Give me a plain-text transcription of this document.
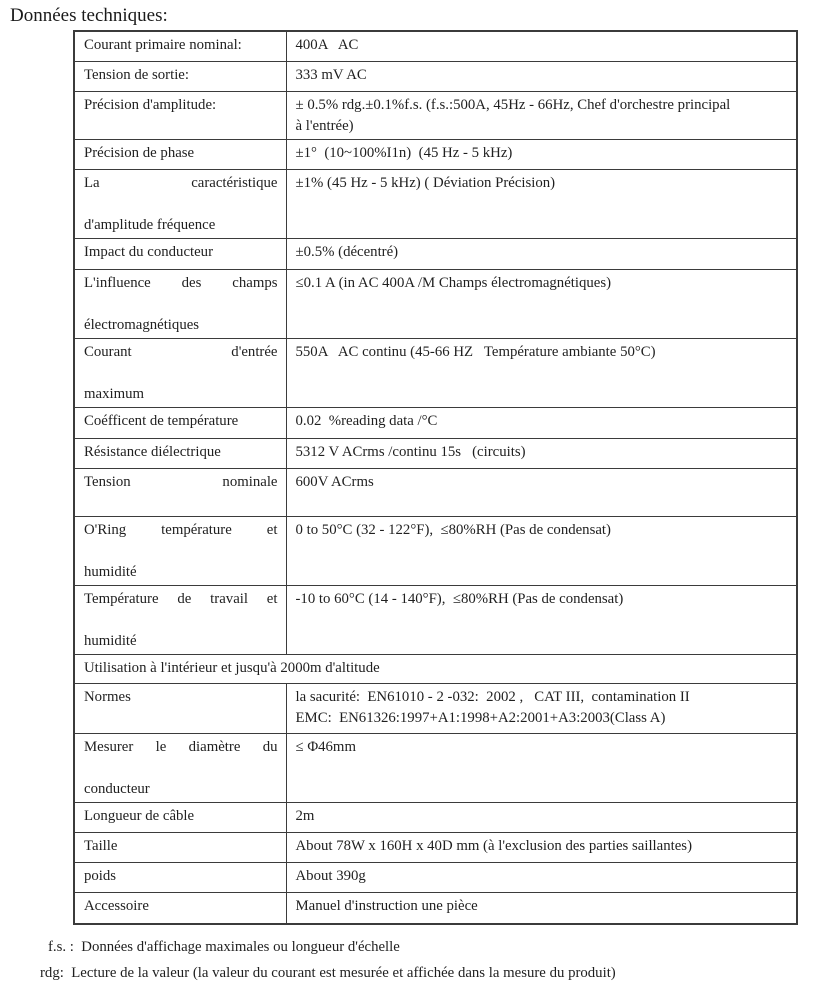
Données techniques:
Courant primaire nominal:	400A   AC

Tension de sortie:	333 mV AC

Précision d'amplitude:	± 0.5% rdg.±0.1%f.s. (f.s.:500A, 45Hz - 66Hz, Chef d'orchestre principal
à l'entrée)

Précision de phase	±1°  (10~100%I1n)  (45 Hz - 5 kHz)

La caractéristique
d'amplitude fréquence	±1% (45 Hz - 5 kHz) ( Déviation Précision)

Impact du conducteur	±0.5% (décentré)

L'influence des champs
électromagnétiques	≤0.1 A (in AC 400A /M Champs électromagnétiques)

Courant d'entrée
maximum	550A   AC continu (45-66 HZ   Température ambiante 50°C)

Coéfficent de température	0.02  %reading data /°C

Résistance diélectrique	5312 V ACrms /continu 15s   (circuits)

Tension nominale	600V ACrms

O'Ring température et
humidité	0 to 50°C (32 - 122°F),  ≤80%RH (Pas de condensat)

Température de travail et
humidité	-10 to 60°C (14 - 140°F),  ≤80%RH (Pas de condensat)

Utilisation à l'intérieur et jusqu'à 2000m d'altitude	

Normes	la sacurité:  EN61010 - 2 -032:  2002 ,   CAT III,  contamination II
EMC:  EN61326:1997+A1:1998+A2:2001+A3:2003(Class A)

Mesurer le diamètre du
conducteur	≤ Φ46mm

Longueur de câble	2m

Taille	About 78W x 160H x 40D mm (à l'exclusion des parties saillantes)

poids	About 390g

Accessoire	Manuel d'instruction une pièce
f.s. :  Données d'affichage maximales ou longueur d'échelle
rdg:  Lecture de la valeur (la valeur du courant est mesurée et affichée dans la mesure du produit)
